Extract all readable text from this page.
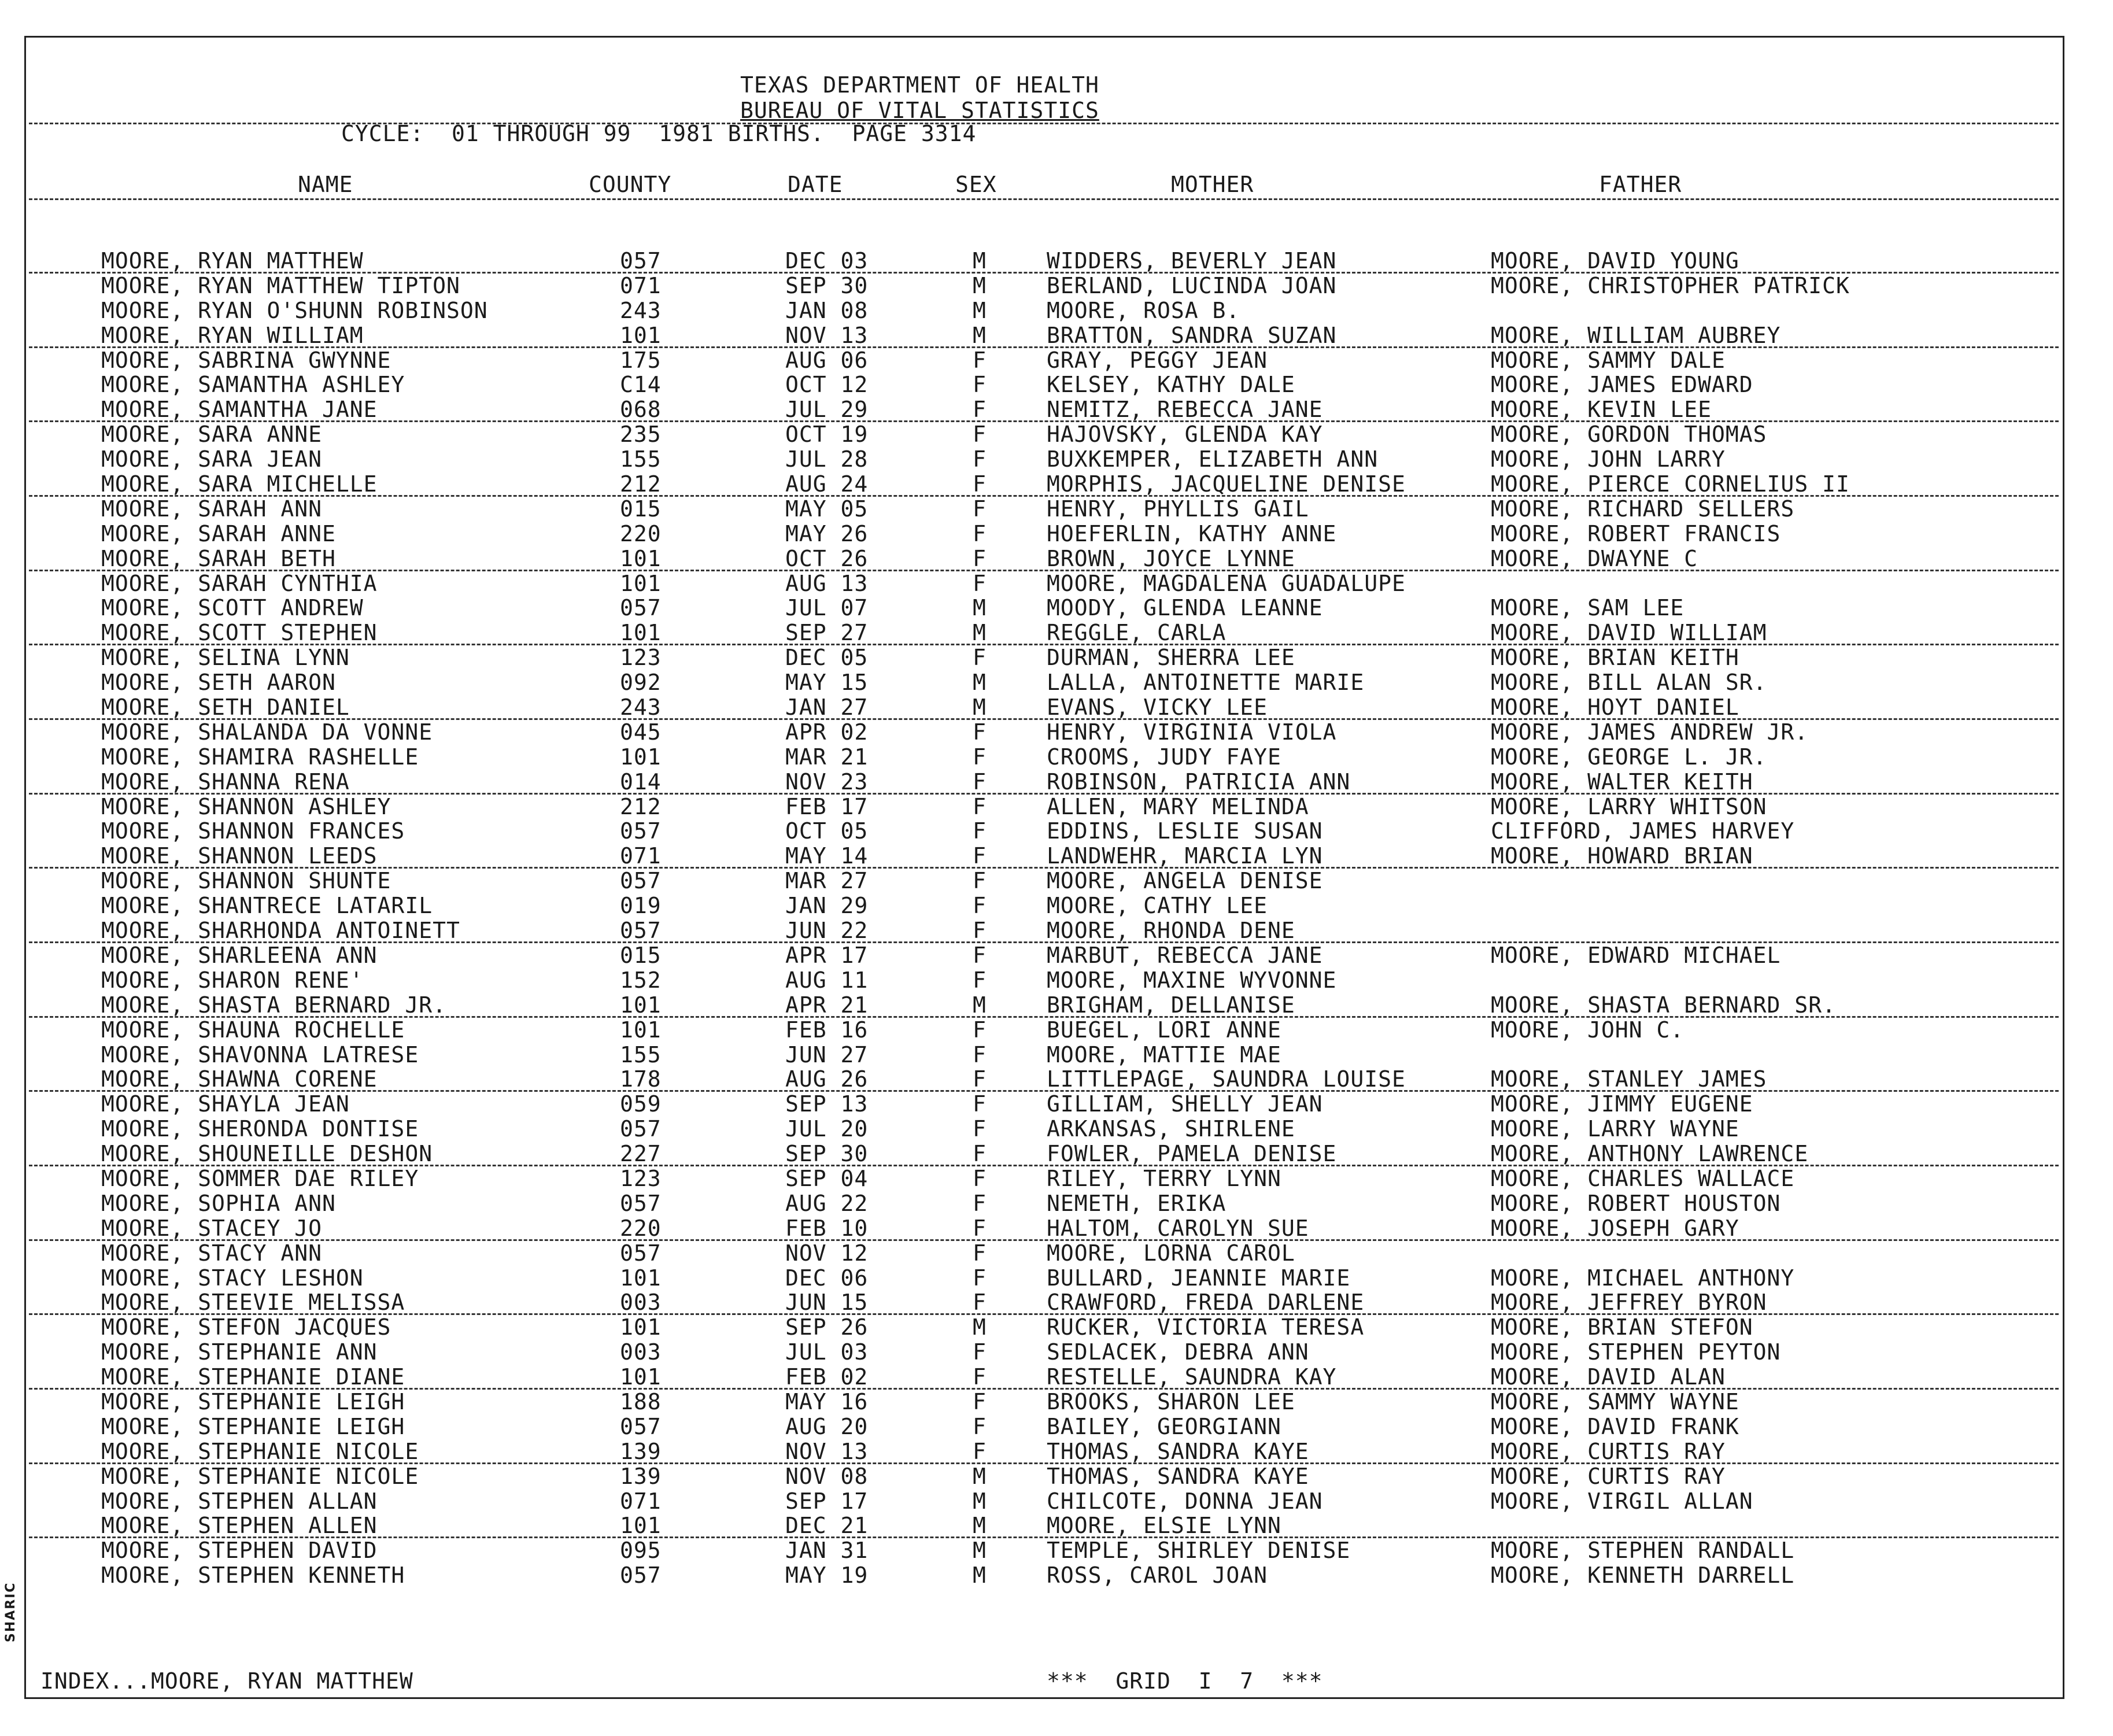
SHARIC
TEXAS DEPARTMENT OF HEALTH
BUREAU OF VITAL STATISTICS
CYCLE:  01 THROUGH 99  1981 BIRTHS.  PAGE 3314
NAME	COUNTY	DATE	SEX	MOTHER	FATHER
MOORE, RYAN MATTHEW	057	DEC 03	M	WIDDERS, BEVERLY JEAN	MOORE, DAVID YOUNG
MOORE, RYAN MATTHEW TIPTON	071	SEP 30	M	BERLAND, LUCINDA JOAN	MOORE, CHRISTOPHER PATRICK
MOORE, RYAN O'SHUNN ROBINSON	243	JAN 08	M	MOORE, ROSA B.
MOORE, RYAN WILLIAM	101	NOV 13	M	BRATTON, SANDRA SUZAN	MOORE, WILLIAM AUBREY
MOORE, SABRINA GWYNNE	175	AUG 06	F	GRAY, PEGGY JEAN	MOORE, SAMMY DALE
MOORE, SAMANTHA ASHLEY	C14	OCT 12	F	KELSEY, KATHY DALE	MOORE, JAMES EDWARD
MOORE, SAMANTHA JANE	068	JUL 29	F	NEMITZ, REBECCA JANE	MOORE, KEVIN LEE
MOORE, SARA ANNE	235	OCT 19	F	HAJOVSKY, GLENDA KAY	MOORE, GORDON THOMAS
MOORE, SARA JEAN	155	JUL 28	F	BUXKEMPER, ELIZABETH ANN	MOORE, JOHN LARRY
MOORE, SARA MICHELLE	212	AUG 24	F	MORPHIS, JACQUELINE DENISE	MOORE, PIERCE CORNELIUS II
MOORE, SARAH ANN	015	MAY 05	F	HENRY, PHYLLIS GAIL	MOORE, RICHARD SELLERS
MOORE, SARAH ANNE	220	MAY 26	F	HOEFERLIN, KATHY ANNE	MOORE, ROBERT FRANCIS
MOORE, SARAH BETH	101	OCT 26	F	BROWN, JOYCE LYNNE	MOORE, DWAYNE C
MOORE, SARAH CYNTHIA	101	AUG 13	F	MOORE, MAGDALENA GUADALUPE
MOORE, SCOTT ANDREW	057	JUL 07	M	MOODY, GLENDA LEANNE	MOORE, SAM LEE
MOORE, SCOTT STEPHEN	101	SEP 27	M	REGGLE, CARLA	MOORE, DAVID WILLIAM
MOORE, SELINA LYNN	123	DEC 05	F	DURMAN, SHERRA LEE	MOORE, BRIAN KEITH
MOORE, SETH AARON	092	MAY 15	M	LALLA, ANTOINETTE MARIE	MOORE, BILL ALAN SR.
MOORE, SETH DANIEL	243	JAN 27	M	EVANS, VICKY LEE	MOORE, HOYT DANIEL
MOORE, SHALANDA DA VONNE	045	APR 02	F	HENRY, VIRGINIA VIOLA	MOORE, JAMES ANDREW JR.
MOORE, SHAMIRA RASHELLE	101	MAR 21	F	CROOMS, JUDY FAYE	MOORE, GEORGE L. JR.
MOORE, SHANNA RENA	014	NOV 23	F	ROBINSON, PATRICIA ANN	MOORE, WALTER KEITH
MOORE, SHANNON ASHLEY	212	FEB 17	F	ALLEN, MARY MELINDA	MOORE, LARRY WHITSON
MOORE, SHANNON FRANCES	057	OCT 05	F	EDDINS, LESLIE SUSAN	CLIFFORD, JAMES HARVEY
MOORE, SHANNON LEEDS	071	MAY 14	F	LANDWEHR, MARCIA LYN	MOORE, HOWARD BRIAN
MOORE, SHANNON SHUNTE	057	MAR 27	F	MOORE, ANGELA DENISE
MOORE, SHANTRECE LATARIL	019	JAN 29	F	MOORE, CATHY LEE
MOORE, SHARHONDA ANTOINETT	057	JUN 22	F	MOORE, RHONDA DENE
MOORE, SHARLEENA ANN	015	APR 17	F	MARBUT, REBECCA JANE	MOORE, EDWARD MICHAEL
MOORE, SHARON RENE'	152	AUG 11	F	MOORE, MAXINE WYVONNE
MOORE, SHASTA BERNARD JR.	101	APR 21	M	BRIGHAM, DELLANISE	MOORE, SHASTA BERNARD SR.
MOORE, SHAUNA ROCHELLE	101	FEB 16	F	BUEGEL, LORI ANNE	MOORE, JOHN C.
MOORE, SHAVONNA LATRESE	155	JUN 27	F	MOORE, MATTIE MAE
MOORE, SHAWNA CORENE	178	AUG 26	F	LITTLEPAGE, SAUNDRA LOUISE	MOORE, STANLEY JAMES
MOORE, SHAYLA JEAN	059	SEP 13	F	GILLIAM, SHELLY JEAN	MOORE, JIMMY EUGENE
MOORE, SHERONDA DONTISE	057	JUL 20	F	ARKANSAS, SHIRLENE	MOORE, LARRY WAYNE
MOORE, SHOUNEILLE DESHON	227	SEP 30	F	FOWLER, PAMELA DENISE	MOORE, ANTHONY LAWRENCE
MOORE, SOMMER DAE RILEY	123	SEP 04	F	RILEY, TERRY LYNN	MOORE, CHARLES WALLACE
MOORE, SOPHIA ANN	057	AUG 22	F	NEMETH, ERIKA	MOORE, ROBERT HOUSTON
MOORE, STACEY JO	220	FEB 10	F	HALTOM, CAROLYN SUE	MOORE, JOSEPH GARY
MOORE, STACY ANN	057	NOV 12	F	MOORE, LORNA CAROL
MOORE, STACY LESHON	101	DEC 06	F	BULLARD, JEANNIE MARIE	MOORE, MICHAEL ANTHONY
MOORE, STEEVIE MELISSA	003	JUN 15	F	CRAWFORD, FREDA DARLENE	MOORE, JEFFREY BYRON
MOORE, STEFON JACQUES	101	SEP 26	M	RUCKER, VICTORIA TERESA	MOORE, BRIAN STEFON
MOORE, STEPHANIE ANN	003	JUL 03	F	SEDLACEK, DEBRA ANN	MOORE, STEPHEN PEYTON
MOORE, STEPHANIE DIANE	101	FEB 02	F	RESTELLE, SAUNDRA KAY	MOORE, DAVID ALAN
MOORE, STEPHANIE LEIGH	188	MAY 16	F	BROOKS, SHARON LEE	MOORE, SAMMY WAYNE
MOORE, STEPHANIE LEIGH	057	AUG 20	F	BAILEY, GEORGIANN	MOORE, DAVID FRANK
MOORE, STEPHANIE NICOLE	139	NOV 13	F	THOMAS, SANDRA KAYE	MOORE, CURTIS RAY
MOORE, STEPHANIE NICOLE	139	NOV 08	M	THOMAS, SANDRA KAYE	MOORE, CURTIS RAY
MOORE, STEPHEN ALLAN	071	SEP 17	M	CHILCOTE, DONNA JEAN	MOORE, VIRGIL ALLAN
MOORE, STEPHEN ALLEN	101	DEC 21	M	MOORE, ELSIE LYNN
MOORE, STEPHEN DAVID	095	JAN 31	M	TEMPLE, SHIRLEY DENISE	MOORE, STEPHEN RANDALL
MOORE, STEPHEN KENNETH	057	MAY 19	M	ROSS, CAROL JOAN	MOORE, KENNETH DARRELL
INDEX...MOORE, RYAN MATTHEW	***  GRID  I  7  ***
